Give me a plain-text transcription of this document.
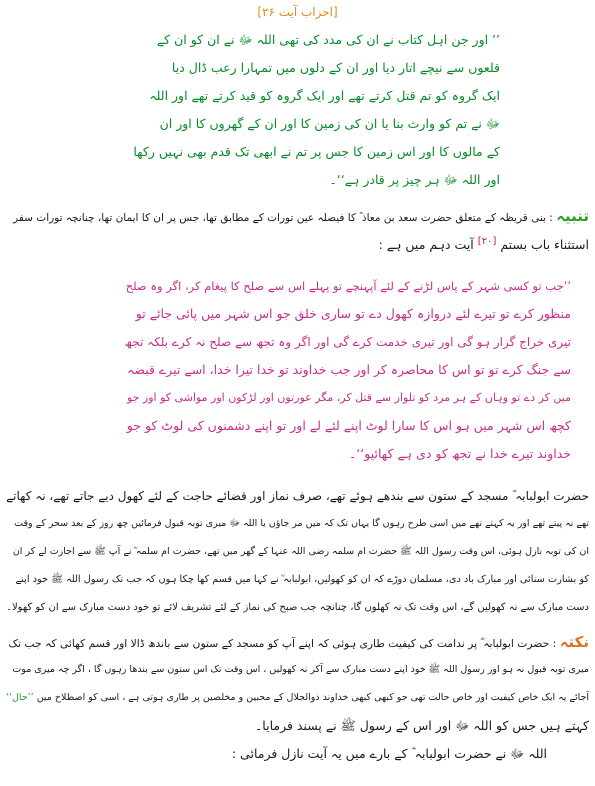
[احزاب آیت ۲۶]
’’ اور جن اہل کتاب نے ان کی مدد کی تھی اللہ ﷻ نے ان کو ان کے
قلعوں سے نیچے اتار دیا اور ان کے دلوں میں تمہارا رعب ڈال دیا
ایک گروہ کو تم قتل کرتے تھے اور ایک گروہ کو قید کرتے تھے اور اللہ
ﷻ نے تم کو وارث بنا یا ان کی زمین کا اور ان کے گھروں کا اور ان
کے مالوں کا اور اس زمین کا جس پر تم نے ابھی تک قدم بھی نہیں رکھا
اور اللہ ﷻ ہر چیز پر قادر ہے‘‘۔
تنبیہ : بنی قریظہ کے متعلق حضرت سعد بن معاذ ؓ کا فیصلہ عین تورات کے مطابق تھا، جس پر ان کا ایمان تھا، چنانچہ تورات سفر
استثناء باب بستم [۲۰] آیت دہم میں ہے :
’’جب تو کسی شہر کے پاس لڑنے کے لئے آپہنچے تو پہلے اس سے صلح کا پیغام کر، اگر وہ صلح
منظور کرے تو تیرے لئے دروازہ کھول دے تو ساری خلق جو اس شہر میں پائی جائے تو
تیری خراج گزار ہو گی اور تیری خدمت کرے گی اور اگر وہ تجھ سے صلح نہ کرے بلکہ تجھ
سے جنگ کرے تو تو اس کا محاصرہ کر اور جب خداوند تو خدا تیرا خدا، اسے تیرے قبضہ
میں کر دے تو وہاں کے ہر مرد کو تلوار سے قتل کر، مگر عورتوں اور لڑکوں اور مواشی کو اور جو
کچھ اس شہر میں ہو اس کا سارا لوٹ اپنے لئے لے اور تو اپنے دشمنوں کی لوٹ کو جو
خداوند تیرے خدا نے تجھ کو دی ہے کھائیو‘‘۔
حضرت ابولبابہ ؓ مسجد کے ستون سے بندھے ہوئے تھے، صرف نماز اور قضائے حاجت کے لئے کھول دیے جاتے تھے، نہ کھاتے
تھے نہ پیتے تھے اور یہ کہتے تھے میں اسی طرح رہوں گا یہاں تک کہ میں مر جاؤں یا اللہ ﷻ میری توبہ قبول فرمائیں چھ روز کے بعد سحر کے وقت
ان کی توبہ نازل ہوئی، اس وقت رسول اللہ ﷺ حضرت ام سلمہ رضی اللہ عنہا کے گھر میں تھے، حضرت ام سلمہ ؓ نے آپ ﷺ سے اجازت لے کر ان
کو بشارت سنائی اور مبارک باد دی، مسلمان دوڑے کہ ان کو کھولیں، ابولبابہ ؓ نے کہا میں قسم کھا چکا ہوں کہ جب تک رسول اللہ ﷺ خود اپنے
دست مبارک سے نہ کھولیں گے، اس وقت تک نہ کھلوں گا، چنانچہ جب صبح کی نماز کے لئے تشریف لائے تو خود دست مبارک سے ان کو کھولا۔
نکتہ : حضرت ابولبابہ ؓ پر ندامت کی کیفیت طاری ہوئی کہ اپنے آپ کو مسجد کے ستون سے باندھ ڈالا اور قسم کھائی کہ جب تک
میری توبہ قبول نہ ہو اور رسول اللہ ﷺ خود اپنے دست مبارک سے آکر نہ کھولیں ، اس وقت تک اس ستون سے بندھا رہوں گا ، اگر چہ میری موت
آجائے یہ ایک خاص کیفیت اور خاص حالت تھی جو کبھی کبھی خداوند ذوالجلال کے محبین و مخلصین پر طاری ہوتی ہے ، اسی کو اصطلاح میں ’’حال‘‘
کہتے ہیں جس کو اللہ ﷻ اور اس کے رسول ﷺ نے پسند فرمایا۔
اللہ ﷻ نے حضرت ابولبابہ ؓ کے بارے میں یہ آیت نازل فرمائی :
